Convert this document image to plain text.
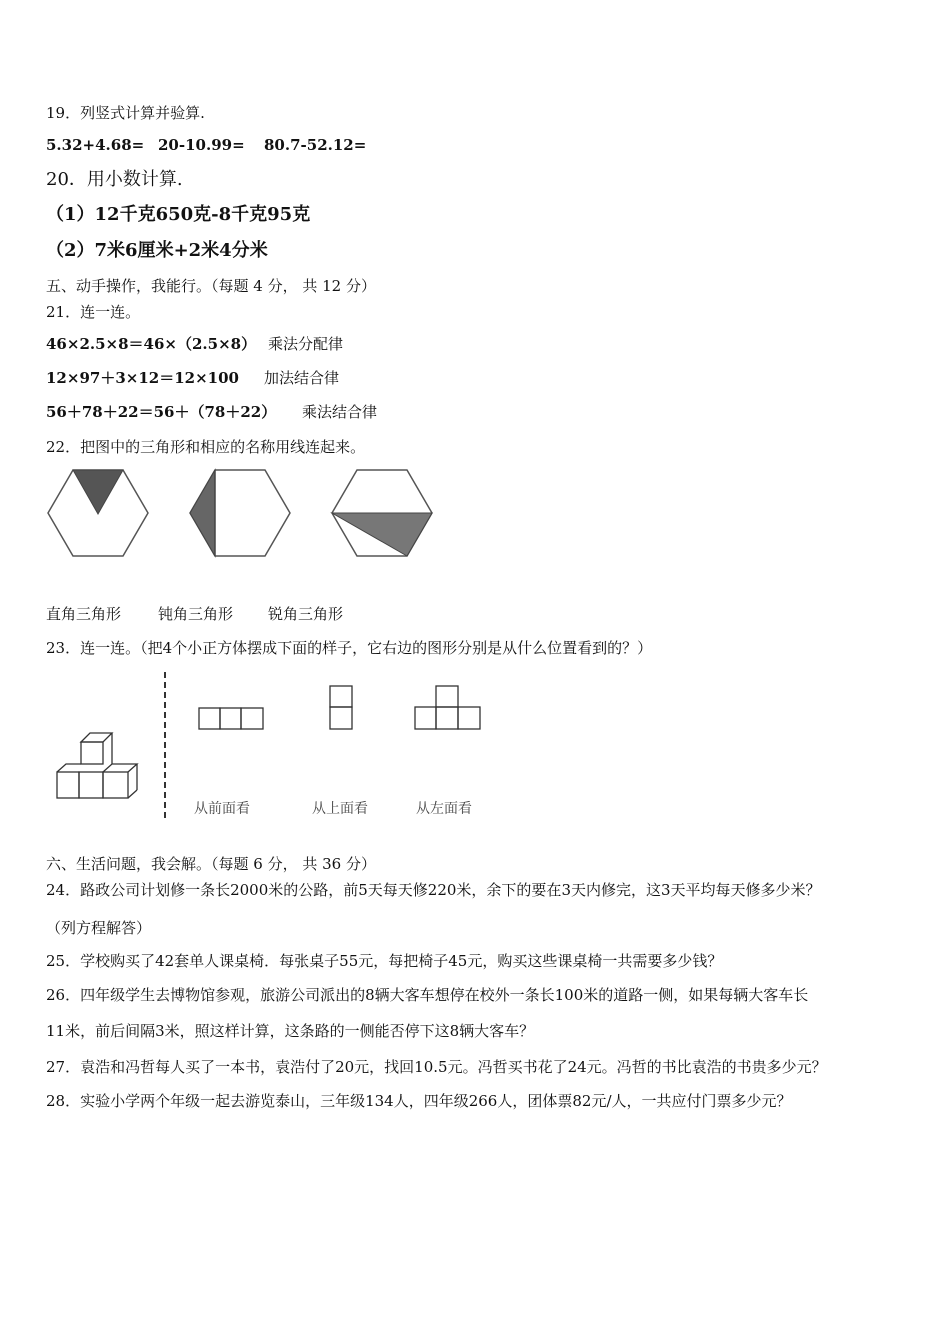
19．列竖式计算并验算.
5.32+4.68= 20-10.99= 80.7-52.12=
20．用小数计算.
（1）12千克650克-8千克95克
（2）7米6厘米+2米4分米
五、动手操作，我能行。（每题 4 分， 共 12 分）
21．连一连。
46×2.5×8＝46×（2.5×8） 乘法分配律
12×97＋3×12＝12×100 加法结合律
56＋78＋22＝56＋（78＋22） 乘法结合律
22．把图中的三角形和相应的名称用线连起来。
直角三角形 钝角三角形 锐角三角形
23．连一连。（把4个小正方体摆成下面的样子，它右边的图形分别是从什么位置看到的？）
从前面看	从上面看	从左面看
六、生活问题，我会解。（每题 6 分， 共 36 分）
24．路政公司计划修一条长2000米的公路，前5天每天修220米，余下的要在3天内修完，这3天平均每天修多少米？
（列方程解答）
25．学校购买了42套单人课桌椅．每张桌子55元，每把椅子45元，购买这些课桌椅一共需要多少钱？
26．四年级学生去博物馆参观，旅游公司派出的8辆大客车想停在校外一条长100米的道路一侧，如果每辆大客车长
11米，前后间隔3米，照这样计算，这条路的一侧能否停下这8辆大客车？
27．袁浩和冯哲每人买了一本书，袁浩付了20元，找回10.5元。冯哲买书花了24元。冯哲的书比袁浩的书贵多少元？
28．实验小学两个年级一起去游览泰山，三年级134人，四年级266人，团体票82元/人，一共应付门票多少元？
